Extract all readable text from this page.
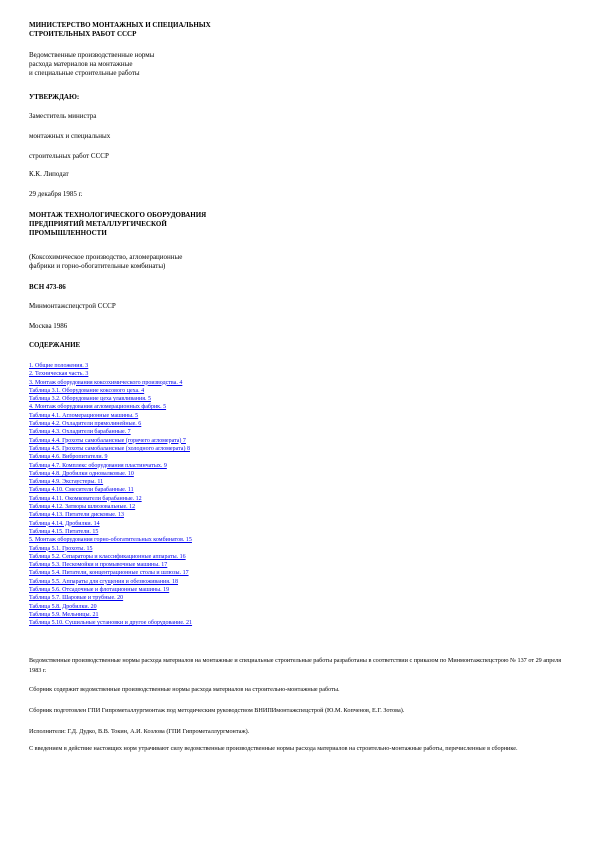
МИНИСТЕРСТВО МОНТАЖНЫХ И СПЕЦИАЛЬНЫХ
СТРОИТЕЛЬНЫХ РАБОТ СССР
Ведомственные производственные нормы
расхода материалов на монтажные
и специальные строительные работы
УТВЕРЖДАЮ:
Заместитель министра
монтажных и специальных
строительных работ СССР
К.К. Липодат
29 декабря 1985 г.
МОНТАЖ ТЕХНОЛОГИЧЕСКОГО ОБОРУДОВАНИЯ
ПРЕДПРИЯТИЙ МЕТАЛЛУРГИЧЕСКОЙ
ПРОМЫШЛЕННОСТИ
(Коксохимическое производство, агломерационные
фабрики и горно-обогатительные комбинаты)
ВСН 473-86
Минмонтажспецстрой СССР
Москва 1986
СОДЕРЖАНИЕ
1. Общие положения. 3
2. Техническая часть. 3
3. Монтаж оборудования коксохимического производства. 4
Таблица 3.1. Оборудование коксового цеха. 4
Таблица 3.2. Оборудование цеха улавливания. 5
4. Монтаж оборудования агломерационных фабрик. 5
Таблица 4.1. Агломерационные машины. 5
Таблица 4.2. Охладители прямолинейные. 6
Таблица 4.3. Охладители барабанные. 7
Таблица 4.4. Грохоты самобалансные (горячего агломерата) 7
Таблица 4.5. Грохоты самобалансные (холодного агломерата) 8
Таблица 4.6. Вибропитатели. 9
Таблица 4.7. Комплекс оборудования пластинчатых. 9
Таблица 4.8. Дробилки одновалковые. 10
Таблица 4.9. Эксгаустеры. 11
Таблица 4.10. Смесители барабанные. 11
Таблица 4.11. Окомкователи барабанные. 12
Таблица 4.12. Затворы шлюзовальные. 12
Таблица 4.13. Питатели дисковые. 13
Таблица 4.14. Дробилки. 14
Таблица 4.15. Питатели. 15
5. Монтаж оборудования горно-обогатительных комбинатов. 15
Таблица 5.1. Грохоты. 15
Таблица 5.2. Сепараторы и классификационные аппараты. 16
Таблица 5.3. Пескомойки и промывочные машины. 17
Таблица 5.4. Питатели, концентрационные столы и шлюзы. 17
Таблица 5.5. Аппараты для сгущения и обезвоживания. 18
Таблица 5.6. Отсадочные и флотационные машины. 19
Таблица 5.7. Шаровые и трубные. 20
Таблица 5.8. Дробилки. 20
Таблица 5.9. Мельницы. 21
Таблица 5.10. Сушильные установки и другое оборудование. 21
Ведомственные производственные нормы расхода материалов на монтажные и специальные строительные работы разработаны в соответствии с приказом по Минмонтажспецстрою № 137 от 29 апреля 1983 г.
Сборник содержит ведомственные производственные нормы расхода материалов на строительно-монтажные работы.
Сборник подготовлен ГПИ Гипрометаллургмонтаж под методическим руководством ВНИПИмонтажспецстрой (Ю.М. Копченов, Е.Г. Зотова).
Исполнители: Г.Д. Дудко, В.В. Токин, А.И. Козлова (ГПИ Гипрометаллургмонтаж).
С введением в действие настоящих норм утрачивают силу ведомственные производственные нормы расхода материалов на строительно-монтажные работы, перечисленные в сборнике.
